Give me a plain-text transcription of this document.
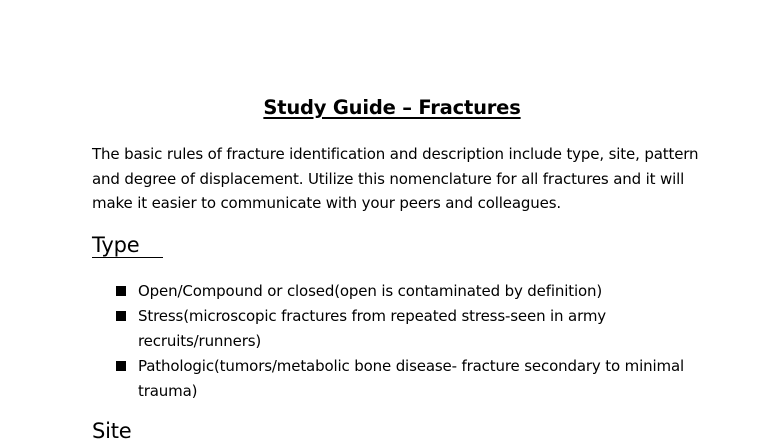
Study Guide – Fractures
The basic rules of fracture identification and description include type, site, pattern and degree of displacement. Utilize this nomenclature for all fractures and it will make it easier to communicate with your peers and colleagues.
Type
Open/Compound or closed(open is contaminated by definition)
Stress(microscopic fractures from repeated stress-seen in army recruits/runners)
Pathologic(tumors/metabolic bone disease- fracture secondary to minimal trauma)
Site
